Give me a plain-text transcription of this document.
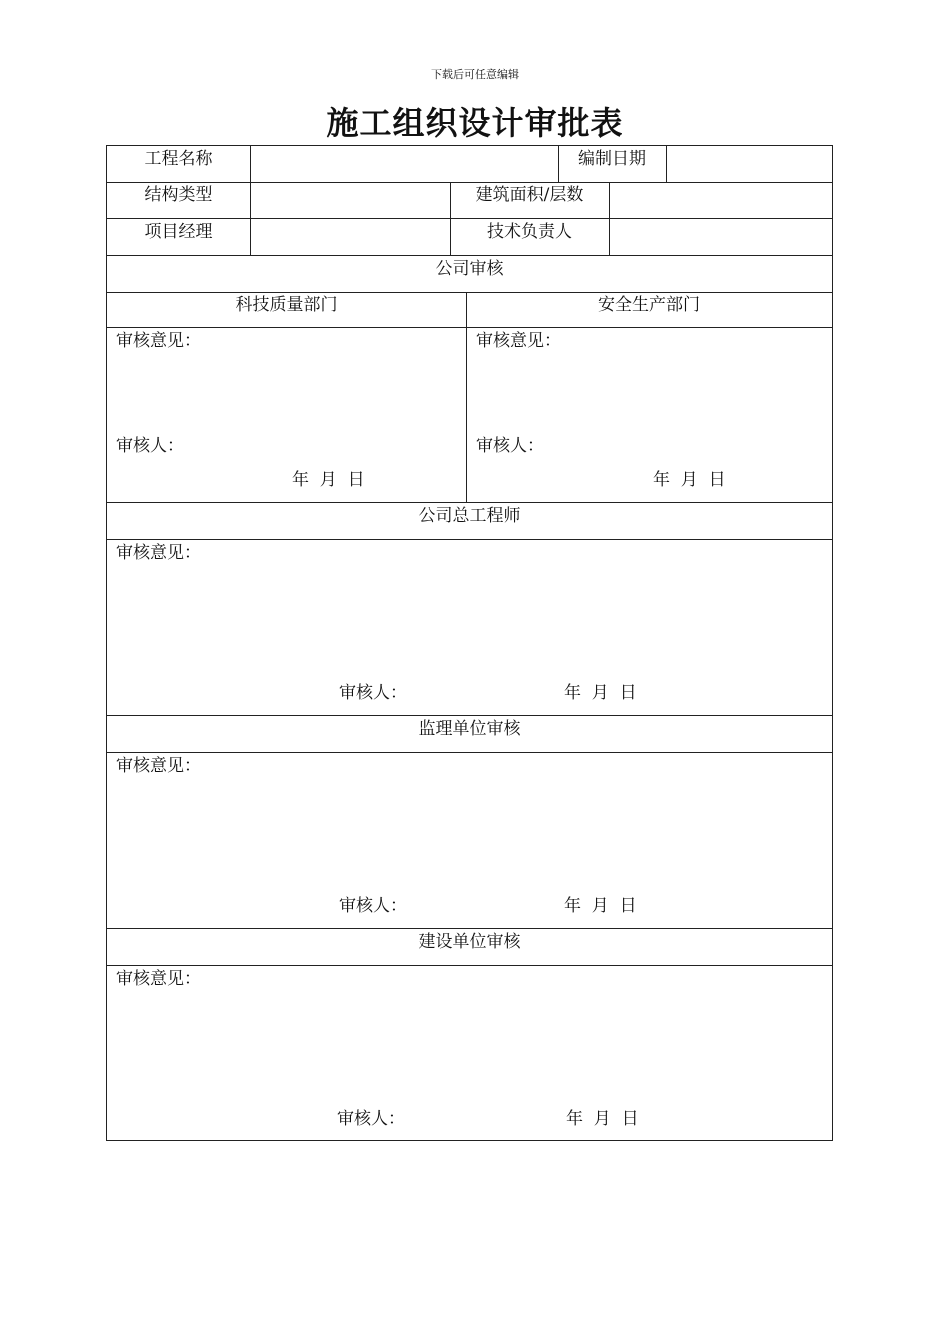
下载后可任意编辑
施工组织设计审批表
工程名称	编制日期
结构类型	建筑面积/层数
项目经理	技术负责人
公司审核
科技质量部门	安全生产部门
审核意见：
审核人：
年  月  日
审核意见：
审核人：
年  月  日
公司总工程师
审核意见：
审核人：	年  月  日
监理单位审核
审核意见：
审核人：	年  月  日
建设单位审核
审核意见：
审核人：	年  月  日
